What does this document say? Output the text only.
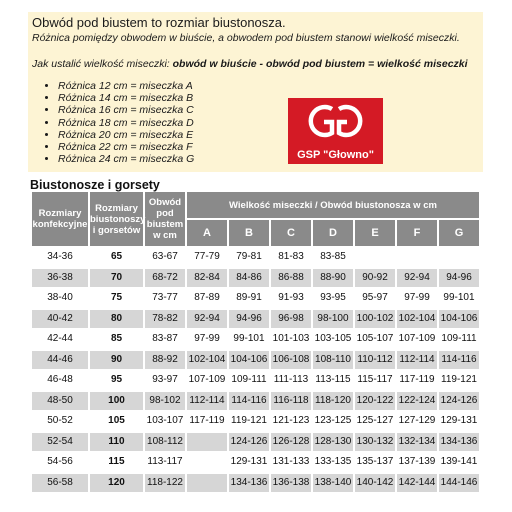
Obwód pod biustem to rozmiar biustonosza.
Różnica pomiędzy obwodem w biuście, a obwodem pod biustem stanowi wielkość miseczki.
Jak ustalić wielkość miseczki: obwód w biuście - obwód pod biustem = wielkość miseczki
• Różnica 12 cm = miseczka A
• Różnica 14 cm = miseczka B
• Różnica 16 cm = miseczka C
• Różnica 18 cm = miseczka D
• Różnica 20 cm = miseczka E
• Różnica 22 cm = miseczka F
• Różnica 24 cm = miseczka G	GSP "Głowno"
Biustonosze i gorsety
Rozmiary konfekcyjne	Rozmiary biustonoszy i gorsetów	Obwód pod biustem w cm	Wielkość miseczki / Obwód biustonosza w cm						
			A	B	C	D	E	F	G
34-36	65	63-67	77-79	79-81	81-83	83-85			
36-38	70	68-72	82-84	84-86	86-88	88-90	90-92	92-94	94-96
38-40	75	73-77	87-89	89-91	91-93	93-95	95-97	97-99	99-101
40-42	80	78-82	92-94	94-96	96-98	98-100	100-102	102-104	104-106
42-44	85	83-87	97-99	99-101	101-103	103-105	105-107	107-109	109-111
44-46	90	88-92	102-104	104-106	106-108	108-110	110-112	112-114	114-116
46-48	95	93-97	107-109	109-111	111-113	113-115	115-117	117-119	119-121
48-50	100	98-102	112-114	114-116	116-118	118-120	120-122	122-124	124-126
50-52	105	103-107	117-119	119-121	121-123	123-125	125-127	127-129	129-131
52-54	110	108-112		124-126	126-128	128-130	130-132	132-134	134-136
54-56	115	113-117		129-131	131-133	133-135	135-137	137-139	139-141
56-58	120	118-122		134-136	136-138	138-140	140-142	142-144	144-146
